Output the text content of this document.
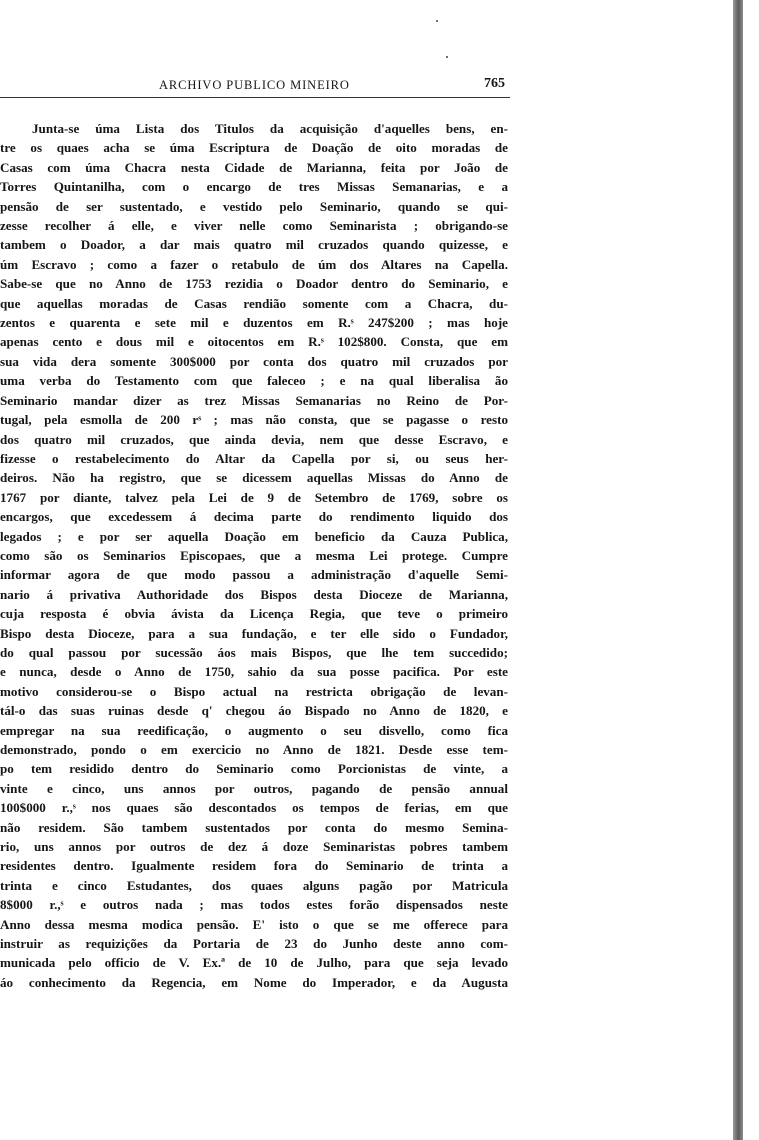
ARCHIVO PUBLICO MINEIRO	765
Junta-se úma Lista dos Titulos da acquisição d'aquelles bens, en-
tre os quaes acha se úma Escriptura de Doação de oito moradas de
Casas com úma Chacra nesta Cidade de Marianna, feita por João de
Torres Quintanilha, com o encargo de tres Missas Semanarias, e a
pensão de ser sustentado, e vestido pelo Seminario, quando se qui-
zesse recolher á elle, e viver nelle como Seminarista ; obrigando-se
tambem o Doador, a dar mais quatro mil cruzados quando quizesse, e
úm Escravo ; como a fazer o retabulo de úm dos Altares na Capella.
Sabe-se que no Anno de 1753 rezidia o Doador dentro do Seminario, e
que aquellas moradas de Casas rendião somente com a Chacra, du-
zentos e quarenta e sete mil e duzentos em R.ˢ 247$200 ; mas hoje
apenas cento e dous mil e oitocentos em R.ˢ 102$800. Consta, que em
sua vida dera somente 300$000 por conta dos quatro mil cruzados por
uma verba do Testamento com que faleceo ; e na qual liberalisa ão
Seminario mandar dizer as trez Missas Semanarias no Reino de Por-
tugal, pela esmolla de 200 rˢ ; mas não consta, que se pagasse o resto
dos quatro mil cruzados, que ainda devia, nem que desse Escravo, e
fizesse o restabelecimento do Altar da Capella por si, ou seus her-
deiros. Não ha registro, que se dicessem aquellas Missas do Anno de
1767 por diante, talvez pela Lei de 9 de Setembro de 1769, sobre os
encargos, que excedessem á decima parte do rendimento liquido dos
legados ; e por ser aquella Doação em beneficio da Cauza Publica,
como são os Seminarios Episcopaes, que a mesma Lei protege. Cumpre
informar agora de que modo passou a administração d'aquelle Semi-
nario á privativa Authoridade dos Bispos desta Dioceze de Marianna,
cuja resposta é obvia ávista da Licença Regia, que teve o primeiro
Bispo desta Dioceze, para a sua fundação, e ter elle sido o Fundador,
do qual passou por sucessão áos mais Bispos, que lhe tem succedido;
e nunca, desde o Anno de 1750, sahio da sua posse pacifica. Por este
motivo considerou-se o Bispo actual na restricta obrigação de levan-
tál-o das suas ruinas desde q' chegou áo Bispado no Anno de 1820, e
empregar na sua reedificação, o augmento o seu disvello, como fica
demonstrado, pondo o em exercicio no Anno de 1821. Desde esse tem-
po tem residido dentro do Seminario como Porcionistas de vinte, a
vinte e cinco, uns annos por outros, pagando de pensão annual
100$000 r.,ˢ nos quaes são descontados os tempos de ferias, em que
não residem. São tambem sustentados por conta do mesmo Semina-
rio, uns annos por outros de dez á doze Seminaristas pobres tambem
residentes dentro. Igualmente residem fora do Seminario de trinta a
trinta e cinco Estudantes, dos quaes alguns pagão por Matricula
8$000 r.,ˢ e outros nada ; mas todos estes forão dispensados neste
Anno dessa mesma modica pensão. E' isto o que se me offerece para
instruir as requizições da Portaria de 23 do Junho deste anno com-
municada pelo officio de V. Ex.ª de 10 de Julho, para que seja levado
áo conhecimento da Regencia, em Nome do Imperador, e da Augusta
